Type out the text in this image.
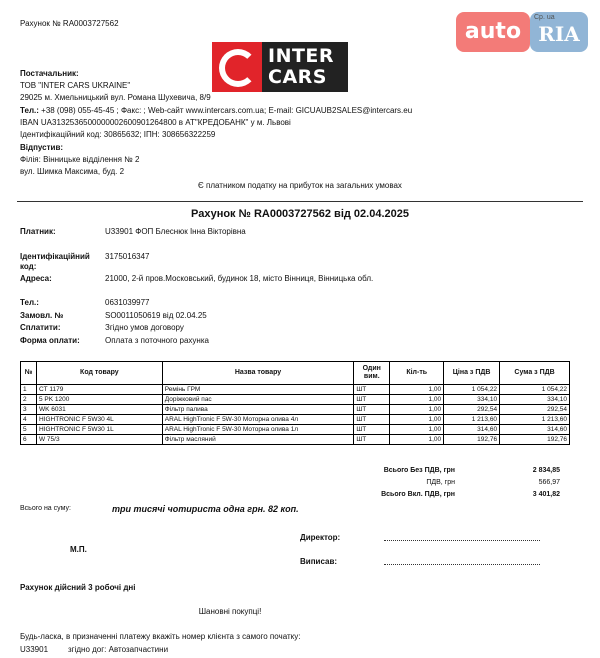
Рахунок № RA0003727562	auto
Ср. ua
RIA
INTER
CARS
Постачальник:
ТОВ "INTER CARS UKRAINE"
29025 м. Хмельницький вул. Романа Шухевича, 8/9
Тел.: +38 (098) 055-45-45 ; Факс: ; Web-сайт www.intercars.com.ua; E-mail: GICUAUB2SALES@intercars.eu
IBAN UA313253650000000260090126480​0 в АТ"КРЕДОБАНК" у м. Львові
Ідентифікаційний код: 30865632; ІПН: 308656322259
Відпустив:
Філія: Вінницьке відділення № 2
вул. Шимка Максима, буд. 2
Є платником податку на прибуток на загальних умовах
Рахунок № RA0003727562 від 02.04.2025
Платник:	U33901 ФОП Блеснюк Інна Вікторівна
Ідентифікаційний код:
3175016347
Адреса:	21000, 2-й пров.Московський, будинок 18, місто Вінниця, Вінницька обл.
Тел.:	0631039977
Замовл. №	SO0011050619 від 02.04.25
Сплатити:	Згідно умов договору
Форма оплати:	Оплата з поточного рахунка
№	Код товару	Назва товару	Один вим.	Кіл-ть	Ціна з ПДВ	Сума з ПДВ
1	CT 1179	Ремінь ГРМ	ШТ	1,00	1 054,22	1 054,22
2	5 PK 1200	Доріжковий пас	ШТ	1,00	334,10	334,10
3	WK 6031	Фільтр палива	ШТ	1,00	292,54	292,54
4	HIGHTRONIC F 5W30 4L	ARAL HighTronic F 5W-30 Моторна олива 4л	ШТ	1,00	1 213,60	1 213,60
5	HIGHTRONIC F 5W30 1L	ARAL HighTronic F 5W-30 Моторна олива 1л	ШТ	1,00	314,60	314,60
6	W 75/3	Фільтр масляний	ШТ	1,00	192,76	192,76
Всього Без ПДВ, грн	2 834,85
ПДВ, грн	566,97
Всього Вкл. ПДВ, грн	3 401,82
Всього на суму:	три тисячі чотириста одна грн. 82 коп.
М.П.
Директор:
Виписав:
Рахунок дійсний 3 робочі дні
Шановні покупці!
Будь-ласка, в призначенні платежу вкажіть номер клієнта з самого початку:
U33901 згідно дог: Автозапчастини
